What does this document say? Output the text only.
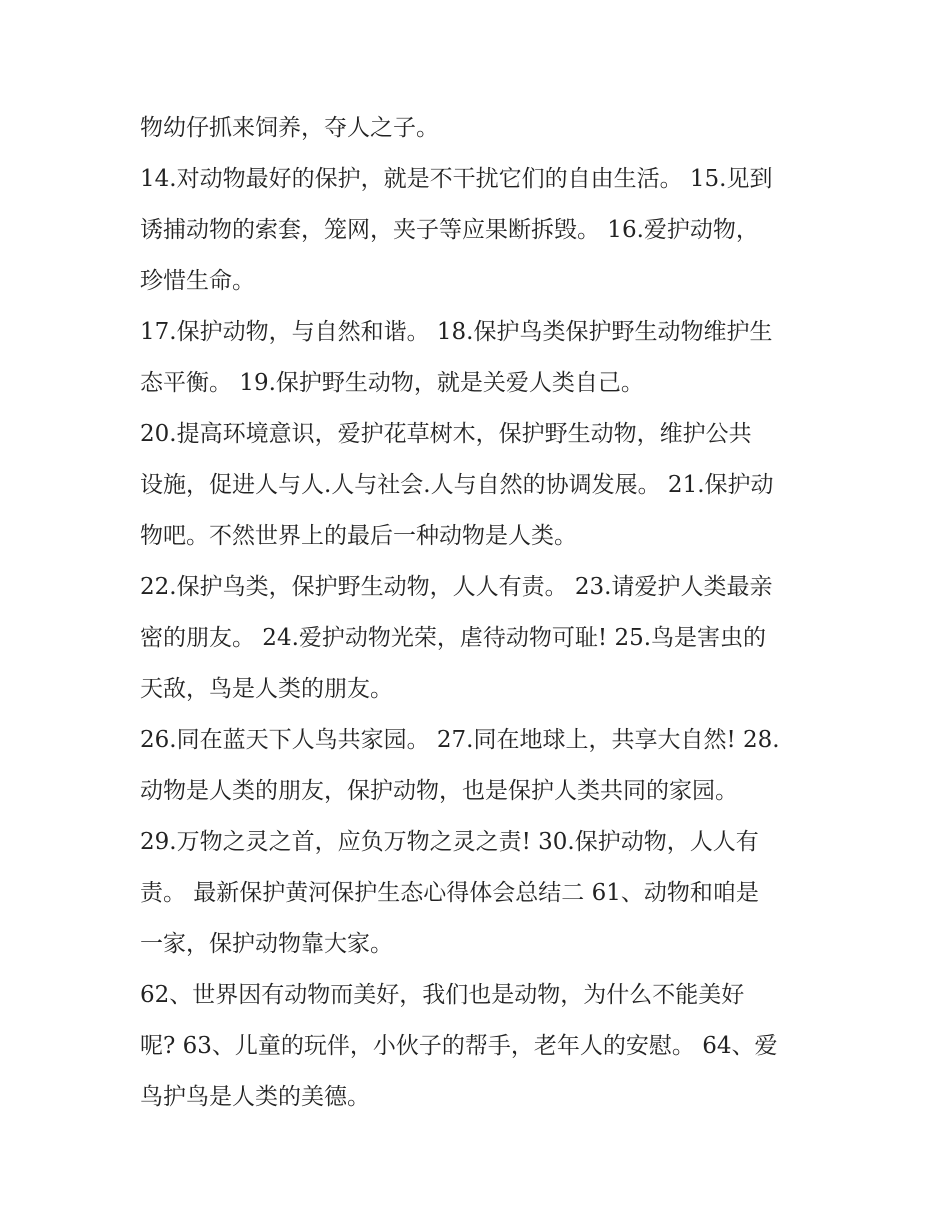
物幼仔抓来饲养，夺人之子。
14.对动物最好的保护，就是不干扰它们的自由生活。 15.见到
诱捕动物的索套，笼网，夹子等应果断拆毁。 16.爱护动物，
珍惜生命。
17.保护动物，与自然和谐。 18.保护鸟类保护野生动物维护生
态平衡。 19.保护野生动物，就是关爱人类自己。
20.提高环境意识，爱护花草树木，保护野生动物，维护公共
设施，促进人与人.人与社会.人与自然的协调发展。 21.保护动
物吧。不然世界上的最后一种动物是人类。
22.保护鸟类，保护野生动物，人人有责。 23.请爱护人类最亲
密的朋友。 24.爱护动物光荣，虐待动物可耻! 25.鸟是害虫的
天敌，鸟是人类的朋友。
26.同在蓝天下人鸟共家园。 27.同在地球上，共享大自然! 28.
动物是人类的朋友，保护动物，也是保护人类共同的家园。
29.万物之灵之首，应负万物之灵之责! 30.保护动物，人人有
责。 最新保护黄河保护生态心得体会总结二 61、动物和咱是
一家，保护动物靠大家。
62、世界因有动物而美好，我们也是动物，为什么不能美好
呢? 63、儿童的玩伴，小伙子的帮手，老年人的安慰。 64、爱
鸟护鸟是人类的美德。
